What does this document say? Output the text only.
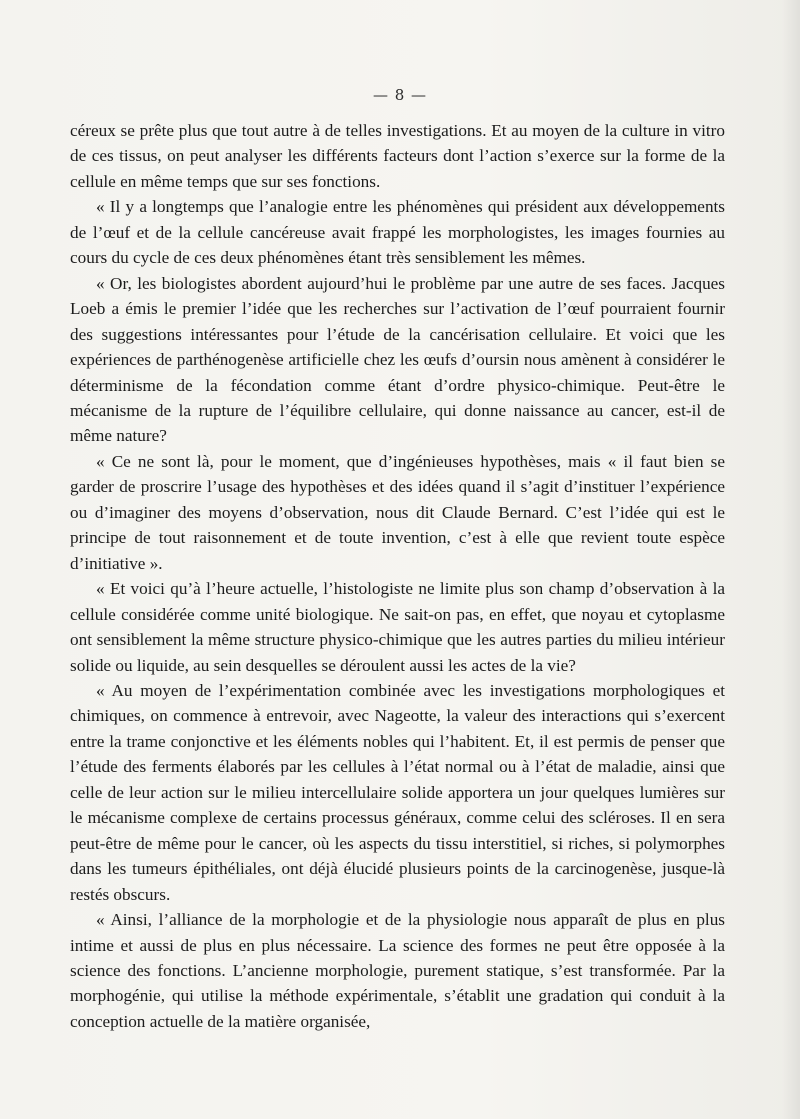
— 8 —

céreux se prête plus que tout autre à de telles investigations. Et au moyen de la culture in vitro de ces tissus, on peut analyser les différents facteurs dont l’action s’exerce sur la forme de la cellule en même temps que sur ses fonctions.

« Il y a longtemps que l’analogie entre les phénomènes qui président aux développements de l’œuf et de la cellule cancéreuse avait frappé les morphologistes, les images fournies au cours du cycle de ces deux phénomènes étant très sensiblement les mêmes.

« Or, les biologistes abordent aujourd’hui le problème par une autre de ses faces. Jacques Loeb a émis le premier l’idée que les recherches sur l’activation de l’œuf pourraient fournir des suggestions intéressantes pour l’étude de la cancérisation cellulaire. Et voici que les expériences de parthénogenèse artificielle chez les œufs d’oursin nous amènent à considérer le déterminisme de la fécondation comme étant d’ordre physico-chimique. Peut-être le mécanisme de la rupture de l’équilibre cellulaire, qui donne naissance au cancer, est-il de même nature?

« Ce ne sont là, pour le moment, que d’ingénieuses hypothèses, mais « il faut bien se garder de proscrire l’usage des hypothèses et des idées quand il s’agit d’instituer l’expérience ou d’imaginer des moyens d’observation, nous dit Claude Bernard. C’est l’idée qui est le principe de tout raisonnement et de toute invention, c’est à elle que revient toute espèce d’initiative ».

« Et voici qu’à l’heure actuelle, l’histologiste ne limite plus son champ d’observation à la cellule considérée comme unité biologique. Ne sait-on pas, en effet, que noyau et cytoplasme ont sensiblement la même structure physico-chimique que les autres parties du milieu intérieur solide ou liquide, au sein desquelles se déroulent aussi les actes de la vie?

« Au moyen de l’expérimentation combinée avec les investigations morphologiques et chimiques, on commence à entrevoir, avec Nageotte, la valeur des interactions qui s’exercent entre la trame conjonctive et les éléments nobles qui l’habitent. Et, il est permis de penser que l’étude des ferments élaborés par les cellules à l’état normal ou à l’état de maladie, ainsi que celle de leur action sur le milieu intercellulaire solide apportera un jour quelques lumières sur le mécanisme complexe de certains processus généraux, comme celui des scléroses. Il en sera peut-être de même pour le cancer, où les aspects du tissu interstitiel, si riches, si polymorphes dans les tumeurs épithéliales, ont déjà élucidé plusieurs points de la carcinogenèse, jusque-là restés obscurs.

« Ainsi, l’alliance de la morphologie et de la physiologie nous apparaît de plus en plus intime et aussi de plus en plus nécessaire. La science des formes ne peut être opposée à la science des fonctions. L’ancienne morphologie, purement statique, s’est transformée. Par la morphogénie, qui utilise la méthode expérimentale, s’établit une gradation qui conduit à la conception actuelle de la matière organisée,
